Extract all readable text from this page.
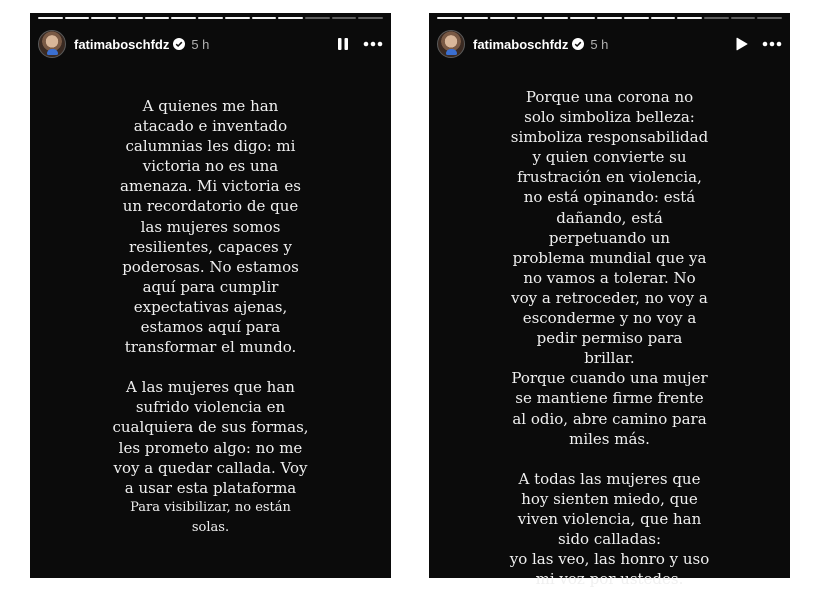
fatimaboschfdz 5 h

A quienes me han
atacado e inventado
calumnias les digo: mi
victoria no es una
amenaza. Mi victoria es
un recordatorio de que
las mujeres somos
resilientes, capaces y
poderosas. No estamos
aquí para cumplir
expectativas ajenas,
estamos aquí para
transformar el mundo.

A las mujeres que han
sufrido violencia en
cualquiera de sus formas,
les prometo algo: no me
voy a quedar callada. Voy
a usar esta plataforma

Para visibilizar, no están
solas.

fatimaboschfdz 5 h

Porque una corona no
solo simboliza belleza:
simboliza responsabilidad
y quien convierte su
frustración en violencia,
no está opinando: está
dañando, está
perpetuando un
problema mundial que ya
no vamos a tolerar. No
voy a retroceder, no voy a
esconderme y no voy a
pedir permiso para
brillar.
Porque cuando una mujer
se mantiene firme frente
al odio, abre camino para
miles más.

A todas las mujeres que
hoy sienten miedo, que
viven violencia, que han
sido calladas:
yo las veo, las honro y uso
mi voz por ustedes.
